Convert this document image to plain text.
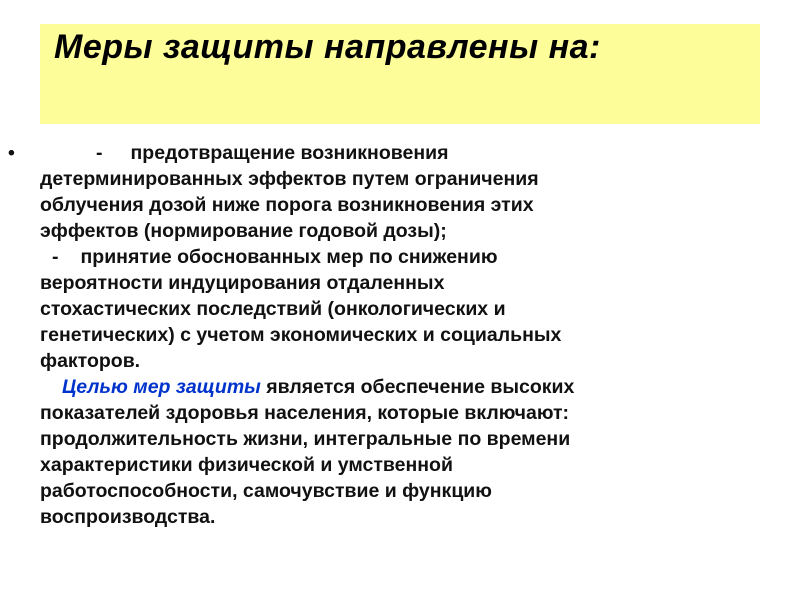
Меры защиты направлены на:
•	- предотвращение возникновения
детерминированных эффектов путем ограничения
облучения дозой ниже порога возникновения этих
эффектов (нормирование годовой дозы);
- принятие обоснованных мер по снижению
вероятности индуцирования отдаленных
стохастических последствий (онкологических и
генетических) с учетом экономических и социальных
факторов.
Целью мер защиты является обеспечение высоких
показателей здоровья населения, которые включают:
продолжительность жизни, интегральные по времени
характеристики физической и умственной
работоспособности, самочувствие и функцию
воспроизводства.
